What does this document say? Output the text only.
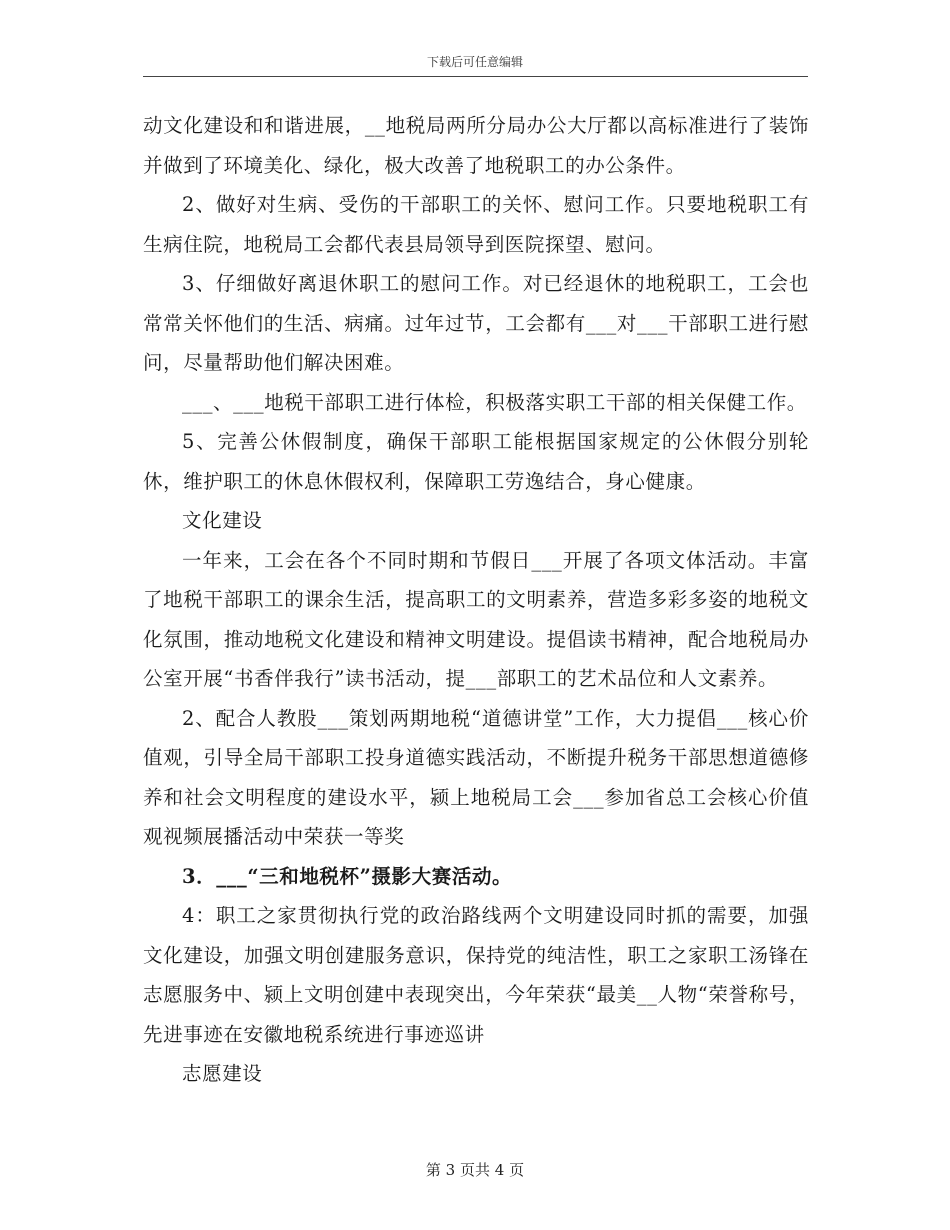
下载后可任意编辑

动文化建设和和谐进展，__地税局两所分局办公大厅都以高标准进行了装饰并做到了环境美化、绿化，极大改善了地税职工的办公条件。

2、做好对生病、受伤的干部职工的关怀、慰问工作。只要地税职工有生病住院，地税局工会都代表县局领导到医院探望、慰问。

3、仔细做好离退休职工的慰问工作。对已经退休的地税职工，工会也常常关怀他们的生活、病痛。过年过节，工会都有___对___干部职工进行慰问，尽量帮助他们解决困难。

___、___地税干部职工进行体检，积极落实职工干部的相关保健工作。

5、完善公休假制度，确保干部职工能根据国家规定的公休假分别轮休，维护职工的休息休假权利，保障职工劳逸结合，身心健康。

文化建设

一年来，工会在各个不同时期和节假日___开展了各项文体活动。丰富了地税干部职工的课余生活，提高职工的文明素养，营造多彩多姿的地税文化氛围，推动地税文化建设和精神文明建设。提倡读书精神，配合地税局办公室开展“书香伴我行”读书活动，提___部职工的艺术品位和人文素养。

2、配合人教股___策划两期地税“道德讲堂”工作，大力提倡___核心价值观，引导全局干部职工投身道德实践活动，不断提升税务干部思想道德修养和社会文明程度的建设水平，颍上地税局工会___参加省总工会核心价值观视频展播活动中荣获一等奖

3．___“三和地税杯”摄影大赛活动。

4：职工之家贯彻执行党的政治路线两个文明建设同时抓的需要，加强文化建设，加强文明创建服务意识，保持党的纯洁性，职工之家职工汤锋在志愿服务中、颍上文明创建中表现突出，今年荣获“最美__人物“荣誉称号，先进事迹在安徽地税系统进行事迹巡讲

志愿建设

第 3 页共 4 页
